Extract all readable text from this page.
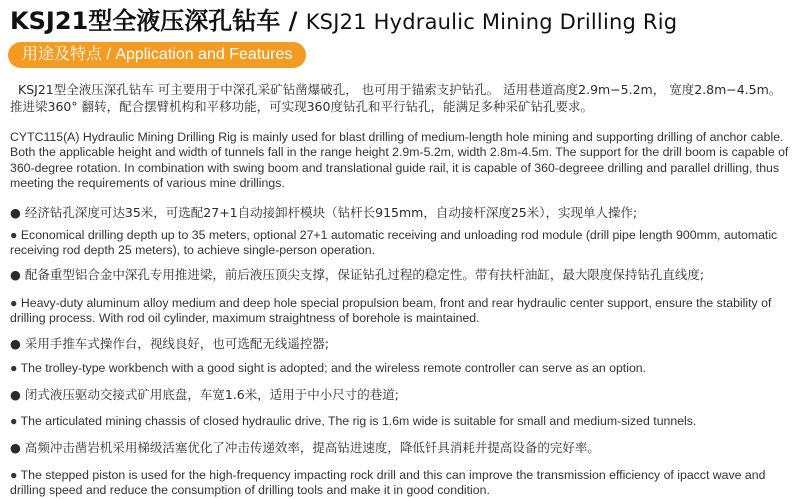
KSJ21型全液压深孔钻车 / KSJ21 Hydraulic Mining Drilling Rig
用途及特点 / Application and Features

KSJ21型全液压深孔钻车 可主要用于中深孔采矿钻凿爆破孔， 也可用于锚索支护钻孔。 适用巷道高度2.9m−5.2m， 宽度2.8m−4.5m。推进梁360° 翻转，配合摆臂机构和平移功能，可实现360度钻孔和平行钻孔，能满足多种采矿钻孔要求。

CYTC115(A) Hydraulic Mining Drilling Rig is mainly used for blast drilling of medium-length hole mining and supporting drilling of anchor cable. Both the applicable height and width of tunnels fall in the range height 2.9m-5.2m, width 2.8m-4.5m. The support for the drill boom is capable of 360-degree rotation. In combination with swing boom and translational guide rail, it is capable of 360-degreee drilling and parallel drilling, thus meeting the requirements of various mine drillings.

● 经济钻孔深度可达35米，可选配27+1自动接卸杆模块（钻杆长915mm，自动接杆深度25米），实现单人操作;

● Economical drilling depth up to 35 meters, optional 27+1 automatic receiving and unloading rod module (drill pipe length 900mm, automatic receiving rod depth 25 meters), to achieve single-person operation.

● 配备重型铝合金中深孔专用推进梁，前后液压顶尖支撑，保证钻孔过程的稳定性。带有扶杆油缸，最大限度保持钻孔直线度;

● Heavy-duty aluminum alloy medium and deep hole special propulsion beam, front and rear hydraulic center support, ensure the stability of drilling process. With rod oil cylinder, maximum straightness of borehole is maintained.

● 采用手推车式操作台，视线良好，也可选配无线遥控器;

● The trolley-type workbench with a good sight is adopted; and the wireless remote controller can serve as an option.

● 闭式液压驱动交接式矿用底盘，车宽1.6米，适用于中小尺寸的巷道;

● The articulated mining chassis of closed hydraulic drive, The rig is 1.6m wide is suitable for small and medium-sized tunnels.

● 高频冲击凿岩机采用梯级活塞优化了冲击传递效率，提高钻进速度，降低钎具消耗并提高设备的完好率。

● The stepped piston is used for the high-frequency impacting rock drill and this can improve the transmission efficiency of ipacct wave and drilling speed and reduce the consumption of drilling tools and make it in good condition.
